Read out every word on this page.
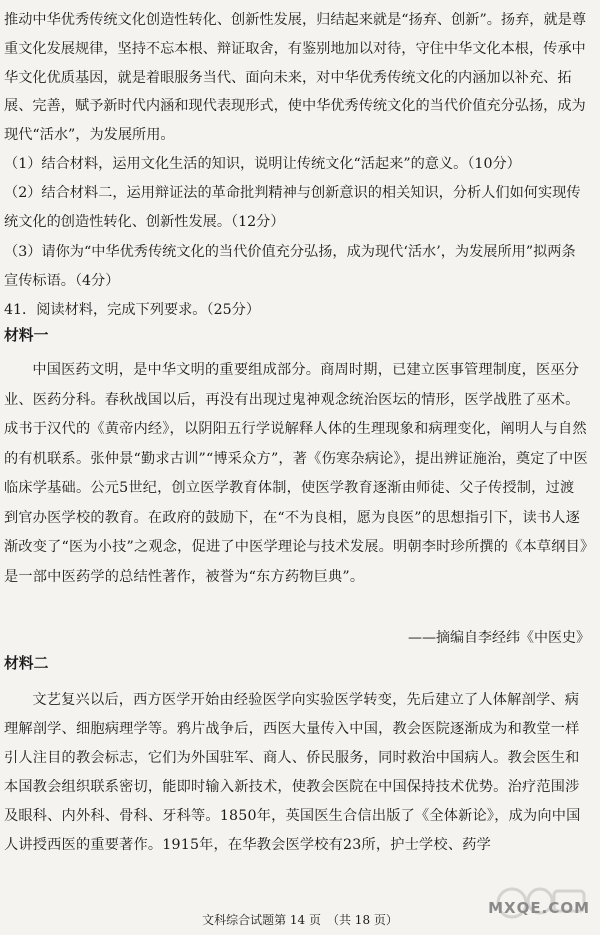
推动中华优秀传统文化创造性转化、创新性发展，归结起来就是“扬弃、创新”。扬弃，就是尊重文化发展规律，坚持不忘本根、辩证取舍，有鉴别地加以对待，守住中华文化本根，传承中华文化优质基因，就是着眼服务当代、面向未来，对中华优秀传统文化的内涵加以补充、拓展、完善，赋予新时代内涵和现代表现形式，使中华优秀传统文化的当代价值充分弘扬，成为现代“活水”，为发展所用。

（1）结合材料，运用文化生活的知识，说明让传统文化“活起来”的意义。（10分）

（2）结合材料二，运用辩证法的革命批判精神与创新意识的相关知识，分析人们如何实现传统文化的创造性转化、创新性发展。（12分）

（3）请你为“中华优秀传统文化的当代价值充分弘扬，成为现代‘活水’，为发展所用”拟两条宣传标语。（4分）

41．阅读材料，完成下列要求。（25分）

材料一

中国医药文明，是中华文明的重要组成部分。商周时期，已建立医事管理制度，医巫分业、医药分科。春秋战国以后，再没有出现过鬼神观念统治医坛的情形，医学战胜了巫术。成书于汉代的《黄帝内经》，以阴阳五行学说解释人体的生理现象和病理变化，阐明人与自然的有机联系。张仲景“勤求古训”“博采众方”，著《伤寒杂病论》，提出辨证施治，奠定了中医临床学基础。公元5世纪，创立医学教育体制，使医学教育逐渐由师徒、父子传授制，过渡到官办医学校的教育。在政府的鼓励下，在“不为良相，愿为良医”的思想指引下，读书人逐渐改变了“医为小技”之观念，促进了中医学理论与技术发展。明朝李时珍所撰的《本草纲目》是一部中医药学的总结性著作，被誉为“东方药物巨典”。

——摘编自李经纬《中医史》

材料二

文艺复兴以后，西方医学开始由经验医学向实验医学转变，先后建立了人体解剖学、病理解剖学、细胞病理学等。鸦片战争后，西医大量传入中国，教会医院逐渐成为和教堂一样引人注目的教会标志，它们为外国驻军、商人、侨民服务，同时救治中国病人。教会医生和本国教会组织联系密切，能即时输入新技术，使教会医院在中国保持技术优势。治疗范围涉及眼科、内外科、骨科、牙科等。1850年，英国医生合信出版了《全体新论》，成为向中国人讲授西医的重要著作。1915年，在华教会医学校有23所，护士学校、药学

文科综合试题第 14 页　（共 18 页）

MXQE.COM
